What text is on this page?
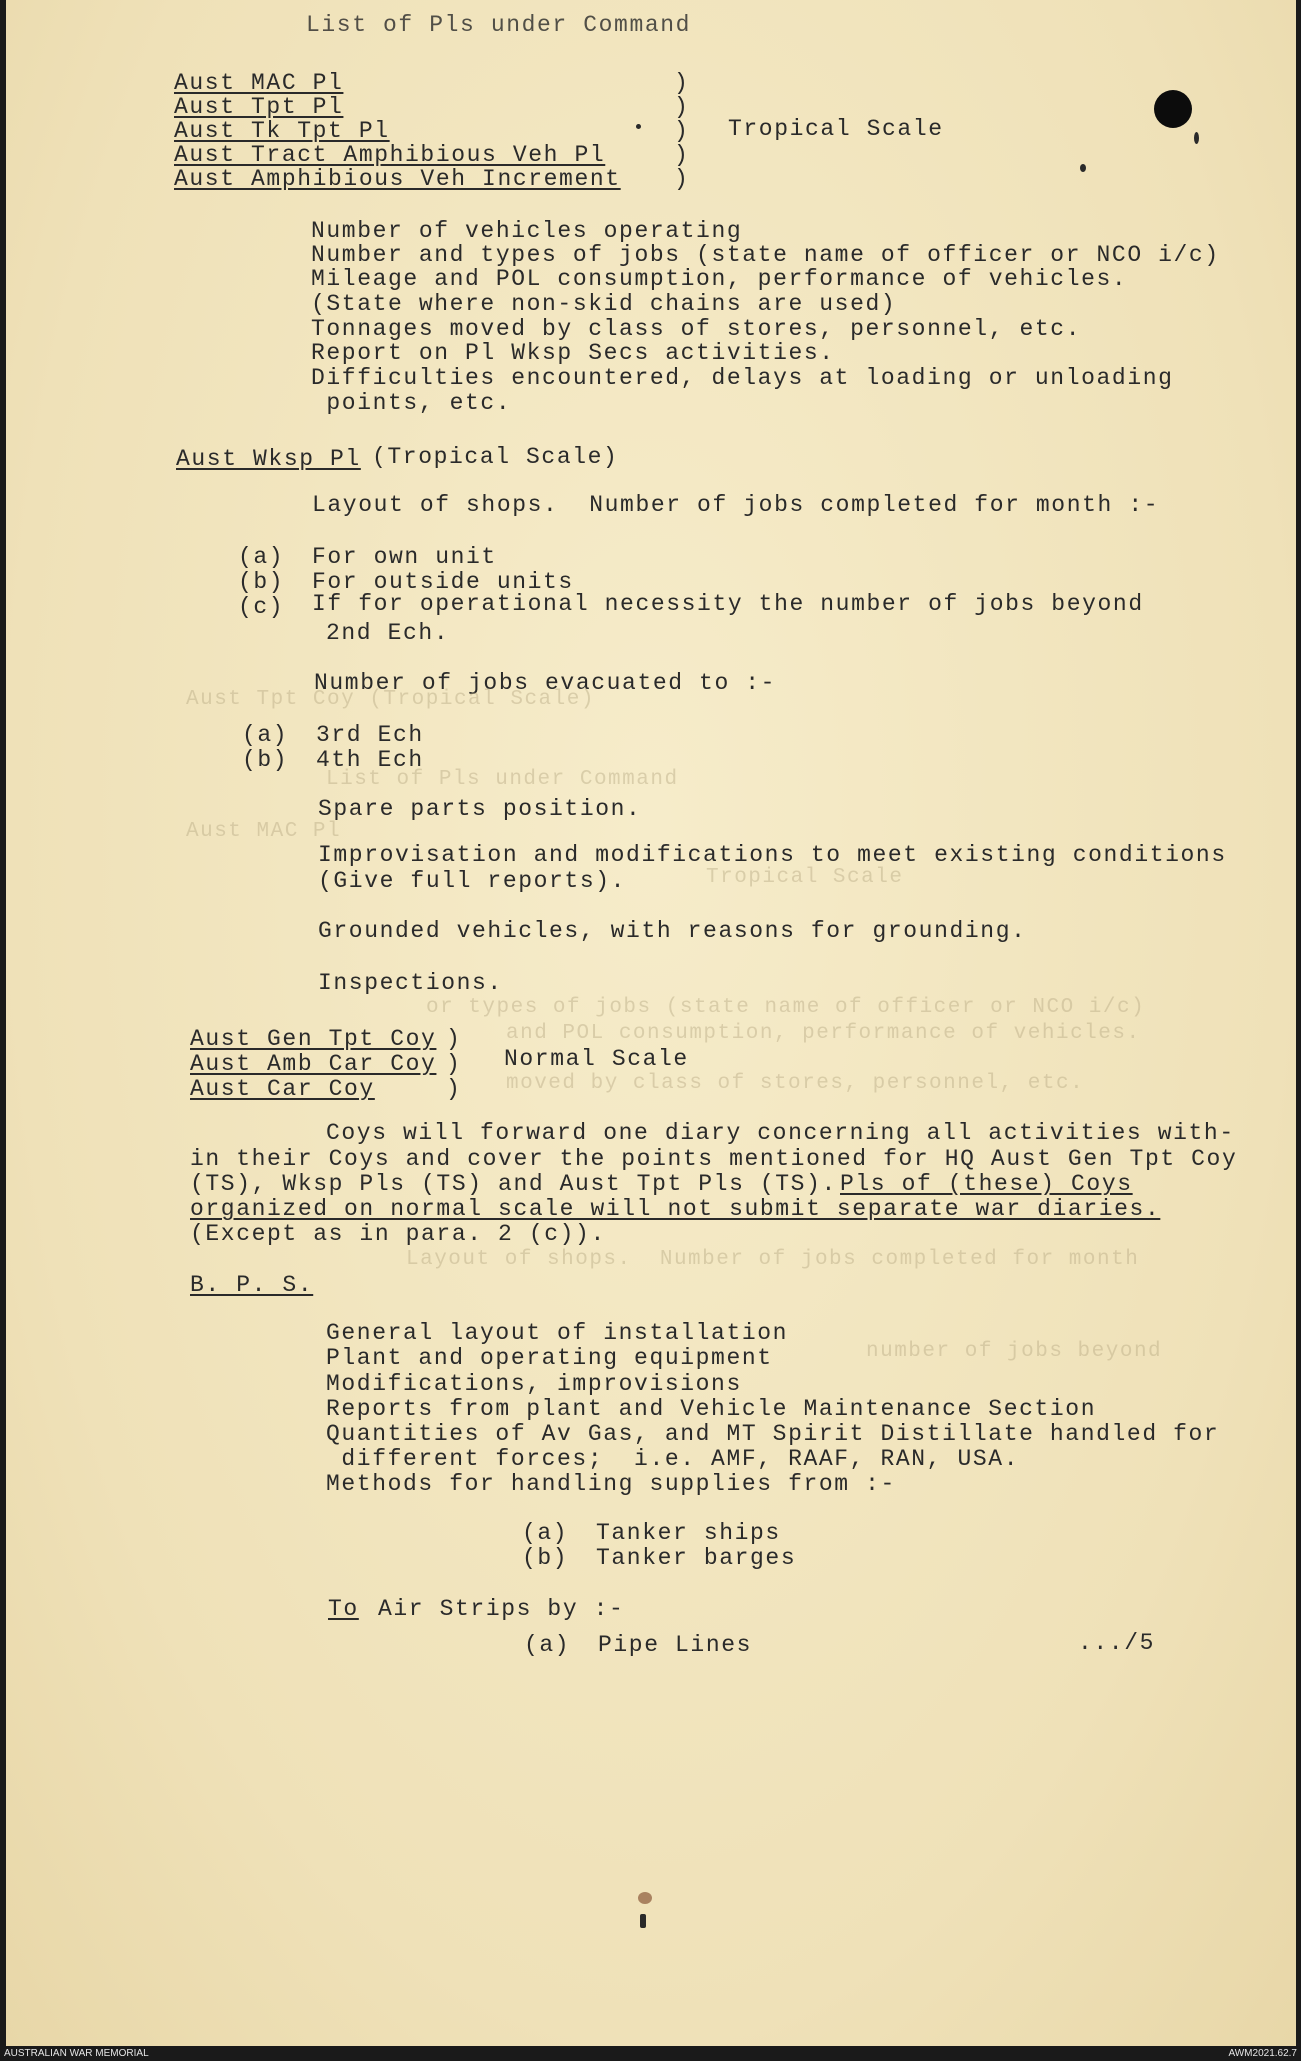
List of Pls under Command
Aust MAC Pl
Aust Tpt Pl
Aust Tk Tpt Pl
Aust Tract Amphibious Veh Pl
Aust Amphibious Veh Increment
)
)
)
)
)
Tropical Scale
Number of vehicles operating
Number and types of jobs (state name of officer or NCO i/c)
Mileage and POL consumption, performance of vehicles.
(State where non-skid chains are used)
Tonnages moved by class of stores, personnel, etc.
Report on Pl Wksp Secs activities.
Difficulties encountered, delays at loading or unloading
points, etc.
Aust Wksp Pl (Tropical Scale)
Layout of shops.  Number of jobs completed for month :-
(a) For own unit
(b) For outside units
(c) If for operational necessity the number of jobs beyond
2nd Ech.
Number of jobs evacuated to :-
(a) 3rd Ech
(b) 4th Ech
Spare parts position.
Improvisation and modifications to meet existing conditions
(Give full reports).
Grounded vehicles, with reasons for grounding.
Inspections.
Aust Tpt Coy (Tropical Scale)
List of Pls under Command
Aust MAC Pl
Tropical Scale
or types of jobs (state name of officer or NCO i/c)
and POL consumption, performance of vehicles.
moved by class of stores, personnel, etc.
Layout of shops.  Number of jobs completed for month
number of jobs beyond
Aust Gen Tpt Coy
Aust Amb Car Coy
Aust Car Coy
)
)
)
Normal Scale
Coys will forward one diary concerning all activities with-
in their Coys and cover the points mentioned for HQ Aust Gen Tpt Coy
(TS), Wksp Pls (TS) and Aust Tpt Pls (TS). Pls of (these) Coys
organized on normal scale will not submit separate war diaries.
(Except as in para. 2 (c)).
B. P. S.
General layout of installation
Plant and operating equipment
Modifications, improvisions
Reports from plant and Vehicle Maintenance Section
Quantities of Av Gas, and MT Spirit Distillate handled for
different forces;  i.e. AMF, RAAF, RAN, USA.
Methods for handling supplies from :-
(a) Tanker ships
(b) Tanker barges
To Air Strips by :-
(a) Pipe Lines	.../5
AUSTRALIAN WAR MEMORIAL	AWM2021.62.7
